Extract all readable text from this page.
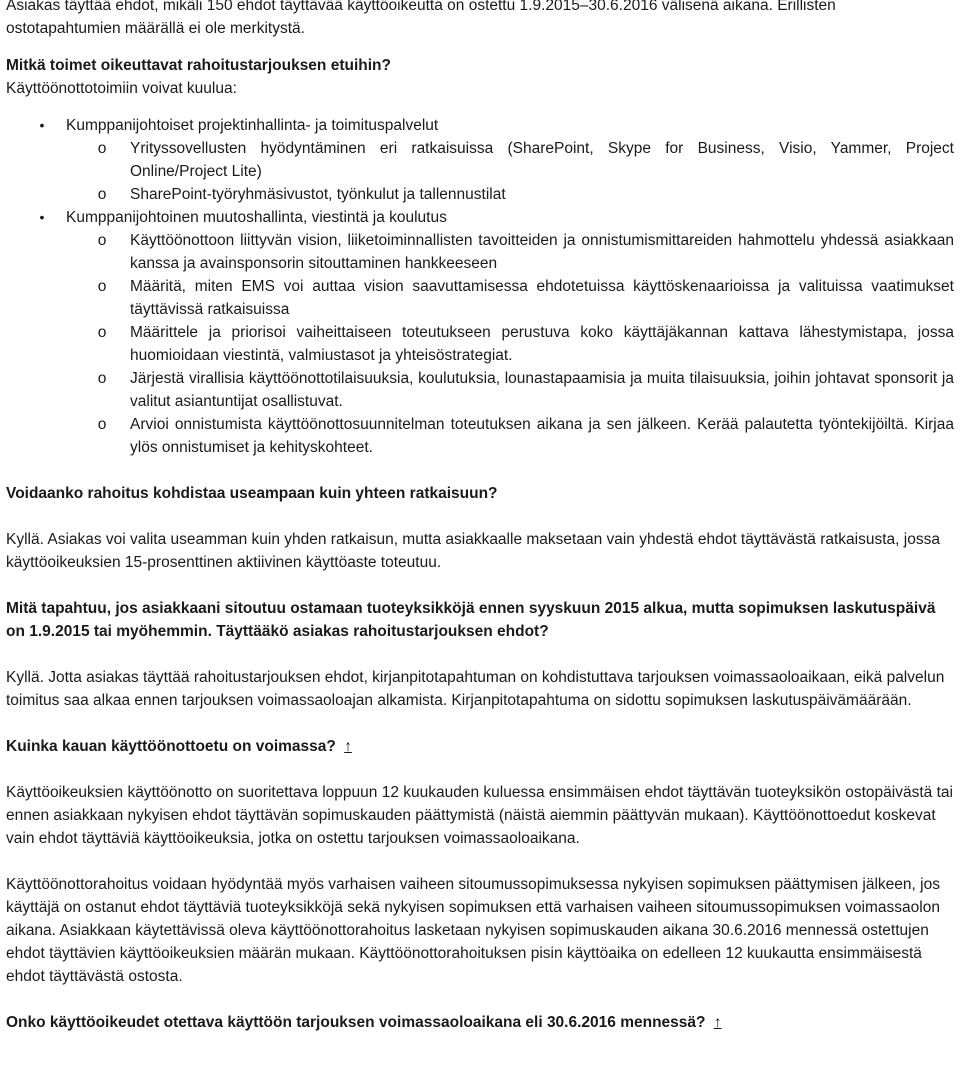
Asiakas täyttää ehdot, mikäli 150 ehdot täyttävää käyttöoikeutta on ostettu 1.9.2015–30.6.2016 välisenä aikana. Erillisten ostotapahtumien määrällä ei ole merkitystä.

Mitkä toimet oikeuttavat rahoitustarjouksen etuihin?

Käyttöönottotoimiin voivat kuulua:

•	Kumppanijohtoiset projektinhallinta- ja toimituspalvelut
o Yrityssovellusten hyödyntäminen eri ratkaisuissa (SharePoint, Skype for Business, Visio, Yammer, Project Online/Project Lite)
o SharePoint-työryhmäsivustot, työnkulut ja tallennustilat
•	Kumppanijohtoinen muutoshallinta, viestintä ja koulutus
o Käyttöönottoon liittyvän vision, liiketoiminnallisten tavoitteiden ja onnistumismittareiden hahmottelu yhdessä asiakkaan kanssa ja avainsponsorin sitouttaminen hankkeeseen
o Määritä, miten EMS voi auttaa vision saavuttamisessa ehdotetuissa käyttöskenaarioissa ja valituissa vaatimukset täyttävissä ratkaisuissa
o Määrittele ja priorisoi vaiheittaiseen toteutukseen perustuva koko käyttäjäkannan kattava lähestymistapa, jossa huomioidaan viestintä, valmiustasot ja yhteisöstrategiat.
o Järjestä virallisia käyttöönottotilaisuuksia, koulutuksia, lounastapaamisia ja muita tilaisuuksia, joihin johtavat sponsorit ja valitut asiantuntijat osallistuvat.
o Arvioi onnistumista käyttöönottosuunnitelman toteutuksen aikana ja sen jälkeen. Kerää palautetta työntekijöiltä. Kirjaa ylös onnistumiset ja kehityskohteet.

Voidaanko rahoitus kohdistaa useampaan kuin yhteen ratkaisuun?

Kyllä. Asiakas voi valita useamman kuin yhden ratkaisun, mutta asiakkaalle maksetaan vain yhdestä ehdot täyttävästä ratkaisusta, jossa käyttöoikeuksien 15-prosenttinen aktiivinen käyttöaste toteutuu.

Mitä tapahtuu, jos asiakkaani sitoutuu ostamaan tuoteyksikköjä ennen syyskuun 2015 alkua, mutta sopimuksen laskutuspäivä on 1.9.2015 tai myöhemmin. Täyttääkö asiakas rahoitustarjouksen ehdot?

Kyllä. Jotta asiakas täyttää rahoitustarjouksen ehdot, kirjanpitotapahtuman on kohdistuttava tarjouksen voimassaoloaikaan, eikä palvelun toimitus saa alkaa ennen tarjouksen voimassaoloajan alkamista. Kirjanpitotapahtuma on sidottu sopimuksen laskutuspäivämäärään.

Kuinka kauan käyttöönottoetu on voimassa? ↑

Käyttöoikeuksien käyttöönotto on suoritettava loppuun 12 kuukauden kuluessa ensimmäisen ehdot täyttävän tuoteyksikön ostopäivästä tai ennen asiakkaan nykyisen ehdot täyttävän sopimuskauden päättymistä (näistä aiemmin päättyvän mukaan). Käyttöönottoedut koskevat vain ehdot täyttäviä käyttöoikeuksia, jotka on ostettu tarjouksen voimassaoloaikana.

Käyttöönottorahoitus voidaan hyödyntää myös varhaisen vaiheen sitoumussopimuksessa nykyisen sopimuksen päättymisen jälkeen, jos käyttäjä on ostanut ehdot täyttäviä tuoteyksikköjä sekä nykyisen sopimuksen että varhaisen vaiheen sitoumussopimuksen voimassaolon aikana. Asiakkaan käytettävissä oleva käyttöönottorahoitus lasketaan nykyisen sopimuskauden aikana 30.6.2016 mennessä ostettujen ehdot täyttävien käyttöoikeuksien määrän mukaan. Käyttöönottorahoituksen pisin käyttöaika on edelleen 12 kuukautta ensimmäisestä ehdot täyttävästä ostosta.

Onko käyttöoikeudet otettava käyttöön tarjouksen voimassaoloaikana eli 30.6.2016 mennessä? ↑
